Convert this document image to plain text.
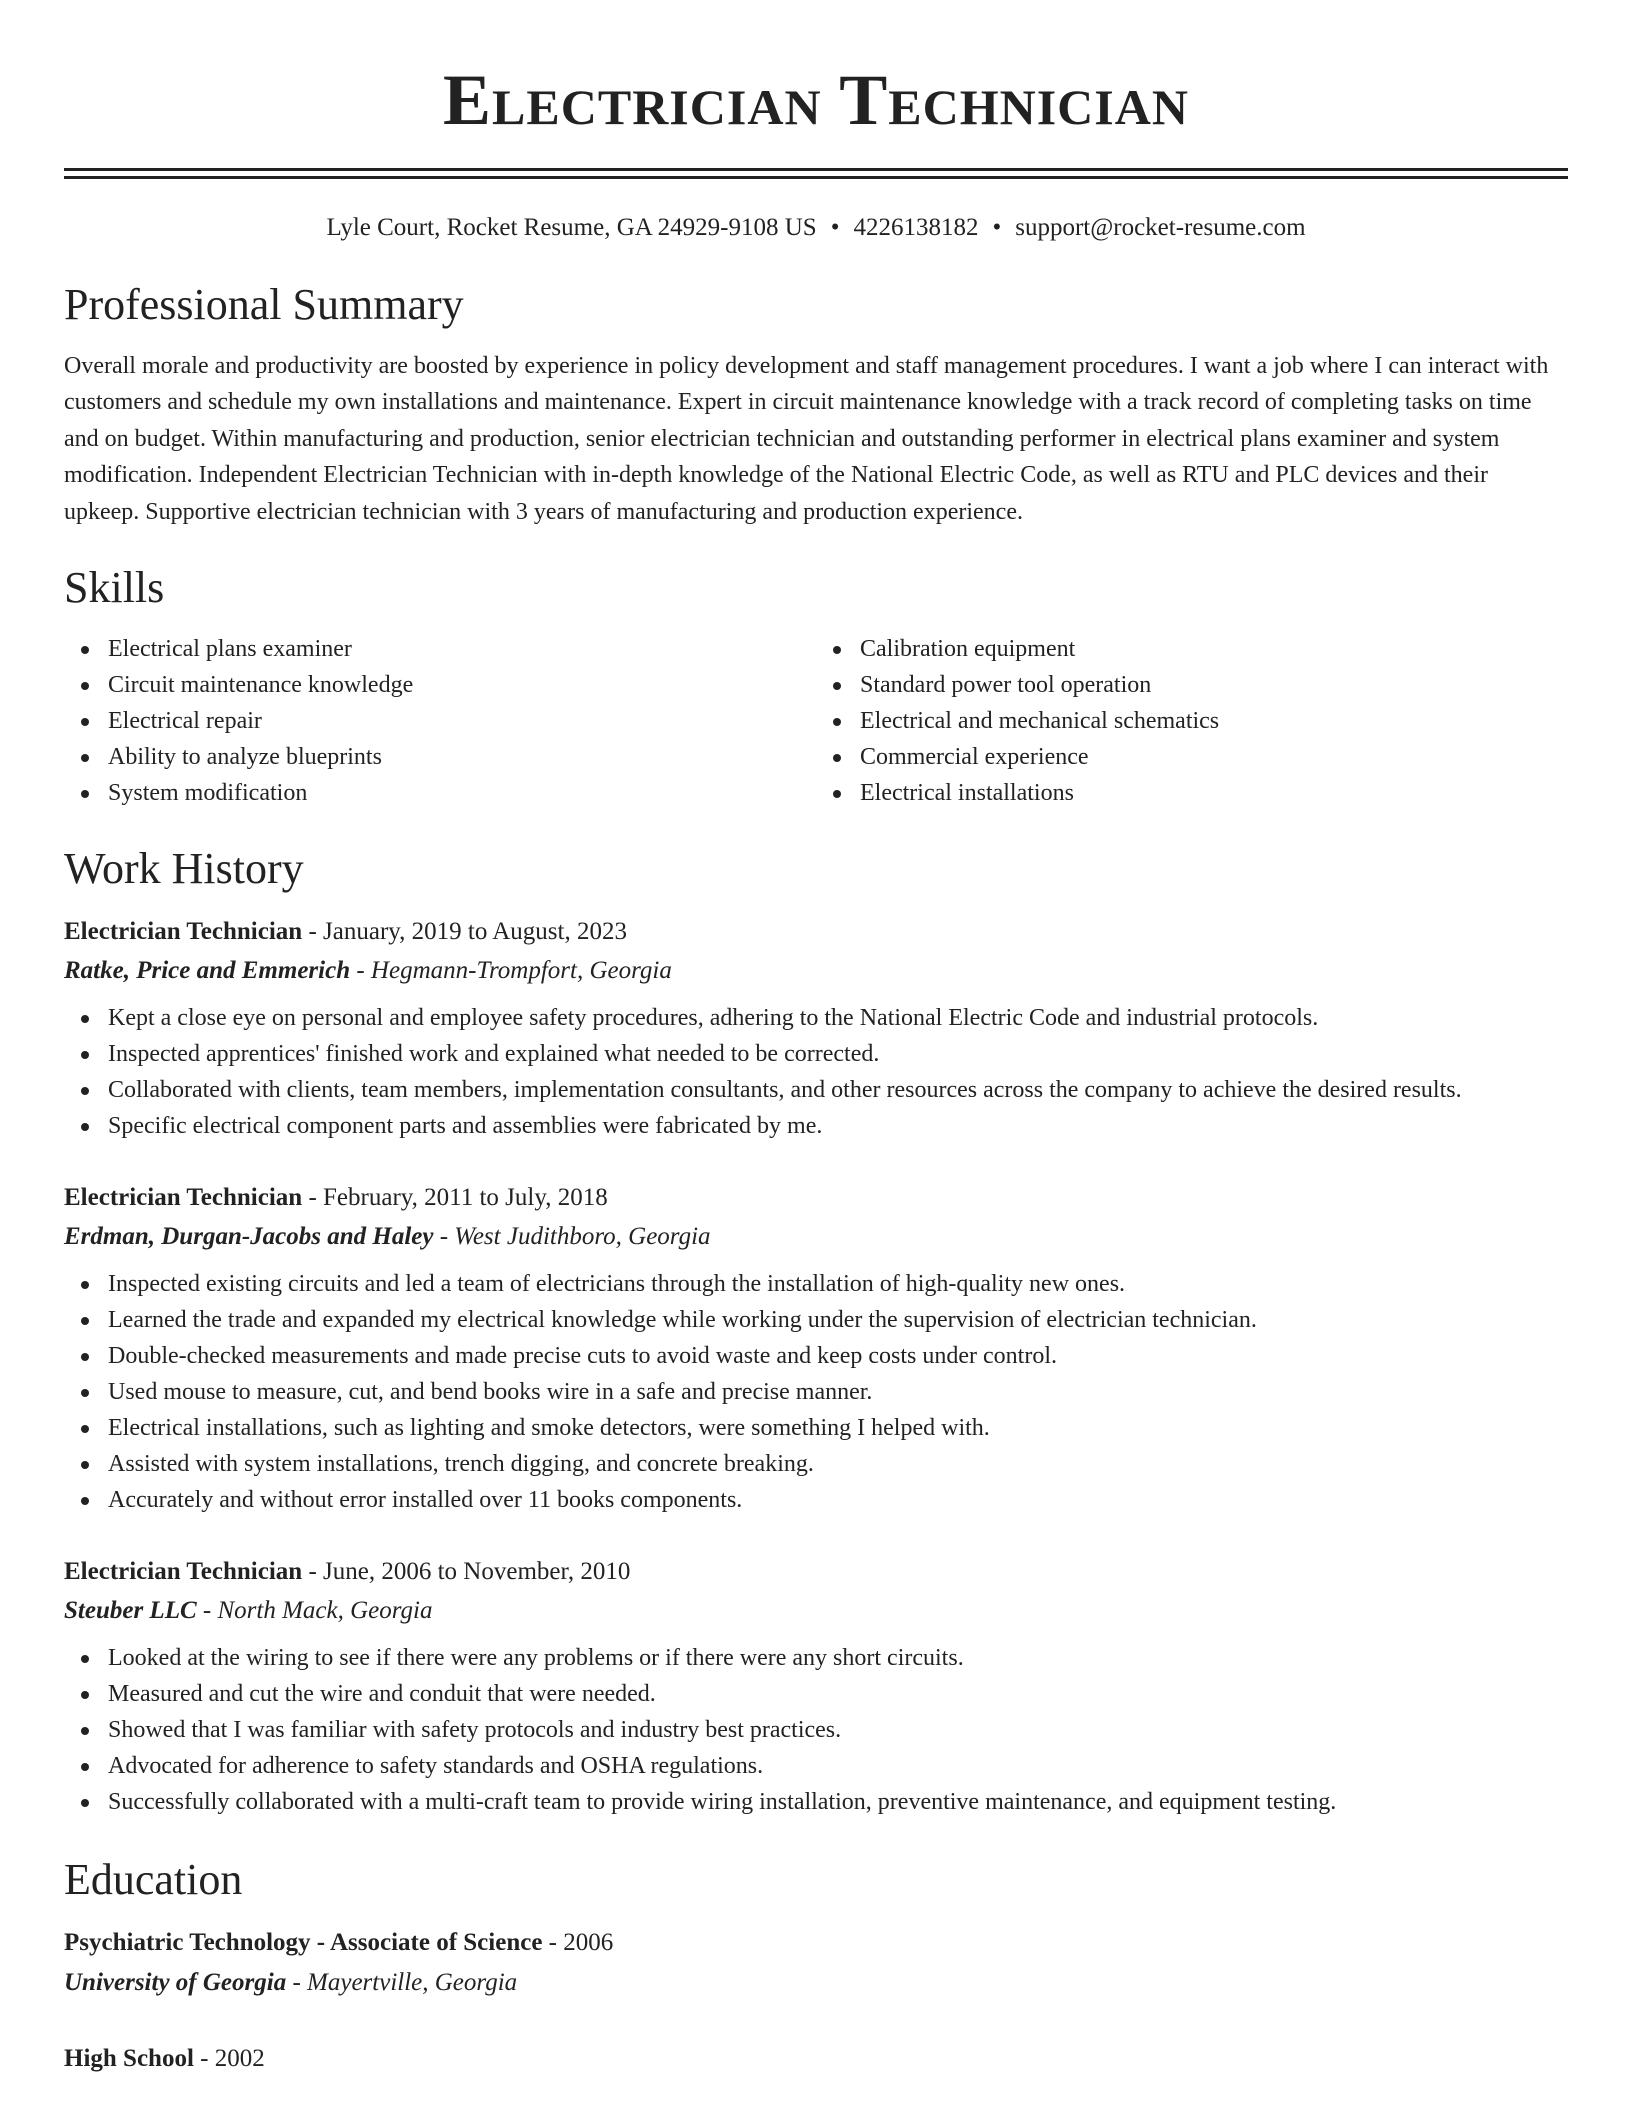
Electrician Technician
Lyle Court, Rocket Resume, GA 24929-9108 US • 4226138182 • support@rocket-resume.com
Professional Summary

Overall morale and productivity are boosted by experience in policy development and staff management procedures. I want a job where I can interact with customers and schedule my own installations and maintenance. Expert in circuit maintenance knowledge with a track record of completing tasks on time and on budget. Within manufacturing and production, senior electrician technician and outstanding performer in electrical plans examiner and system modification. Independent Electrician Technician with in-depth knowledge of the National Electric Code, as well as RTU and PLC devices and their upkeep. Supportive electrician technician with 3 years of manufacturing and production experience.

Skills
Electrical plans examiner
Circuit maintenance knowledge
Electrical repair
Ability to analyze blueprints
System modification
Calibration equipment
Standard power tool operation
Electrical and mechanical schematics
Commercial experience
Electrical installations
Work History
Electrician Technician - January, 2019 to August, 2023
Ratke, Price and Emmerich - Hegmann-Trompfort, Georgia
Kept a close eye on personal and employee safety procedures, adhering to the National Electric Code and industrial protocols.
Inspected apprentices' finished work and explained what needed to be corrected.
Collaborated with clients, team members, implementation consultants, and other resources across the company to achieve the desired results.
Specific electrical component parts and assemblies were fabricated by me.
Electrician Technician - February, 2011 to July, 2018
Erdman, Durgan-Jacobs and Haley - West Judithboro, Georgia
Inspected existing circuits and led a team of electricians through the installation of high-quality new ones.
Learned the trade and expanded my electrical knowledge while working under the supervision of electrician technician.
Double-checked measurements and made precise cuts to avoid waste and keep costs under control.
Used mouse to measure, cut, and bend books wire in a safe and precise manner.
Electrical installations, such as lighting and smoke detectors, were something I helped with.
Assisted with system installations, trench digging, and concrete breaking.
Accurately and without error installed over 11 books components.
Electrician Technician - June, 2006 to November, 2010
Steuber LLC - North Mack, Georgia
Looked at the wiring to see if there were any problems or if there were any short circuits.
Measured and cut the wire and conduit that were needed.
Showed that I was familiar with safety protocols and industry best practices.
Advocated for adherence to safety standards and OSHA regulations.
Successfully collaborated with a multi-craft team to provide wiring installation, preventive maintenance, and equipment testing.
Education
Psychiatric Technology - Associate of Science - 2006
University of Georgia - Mayertville, Georgia
High School - 2002
